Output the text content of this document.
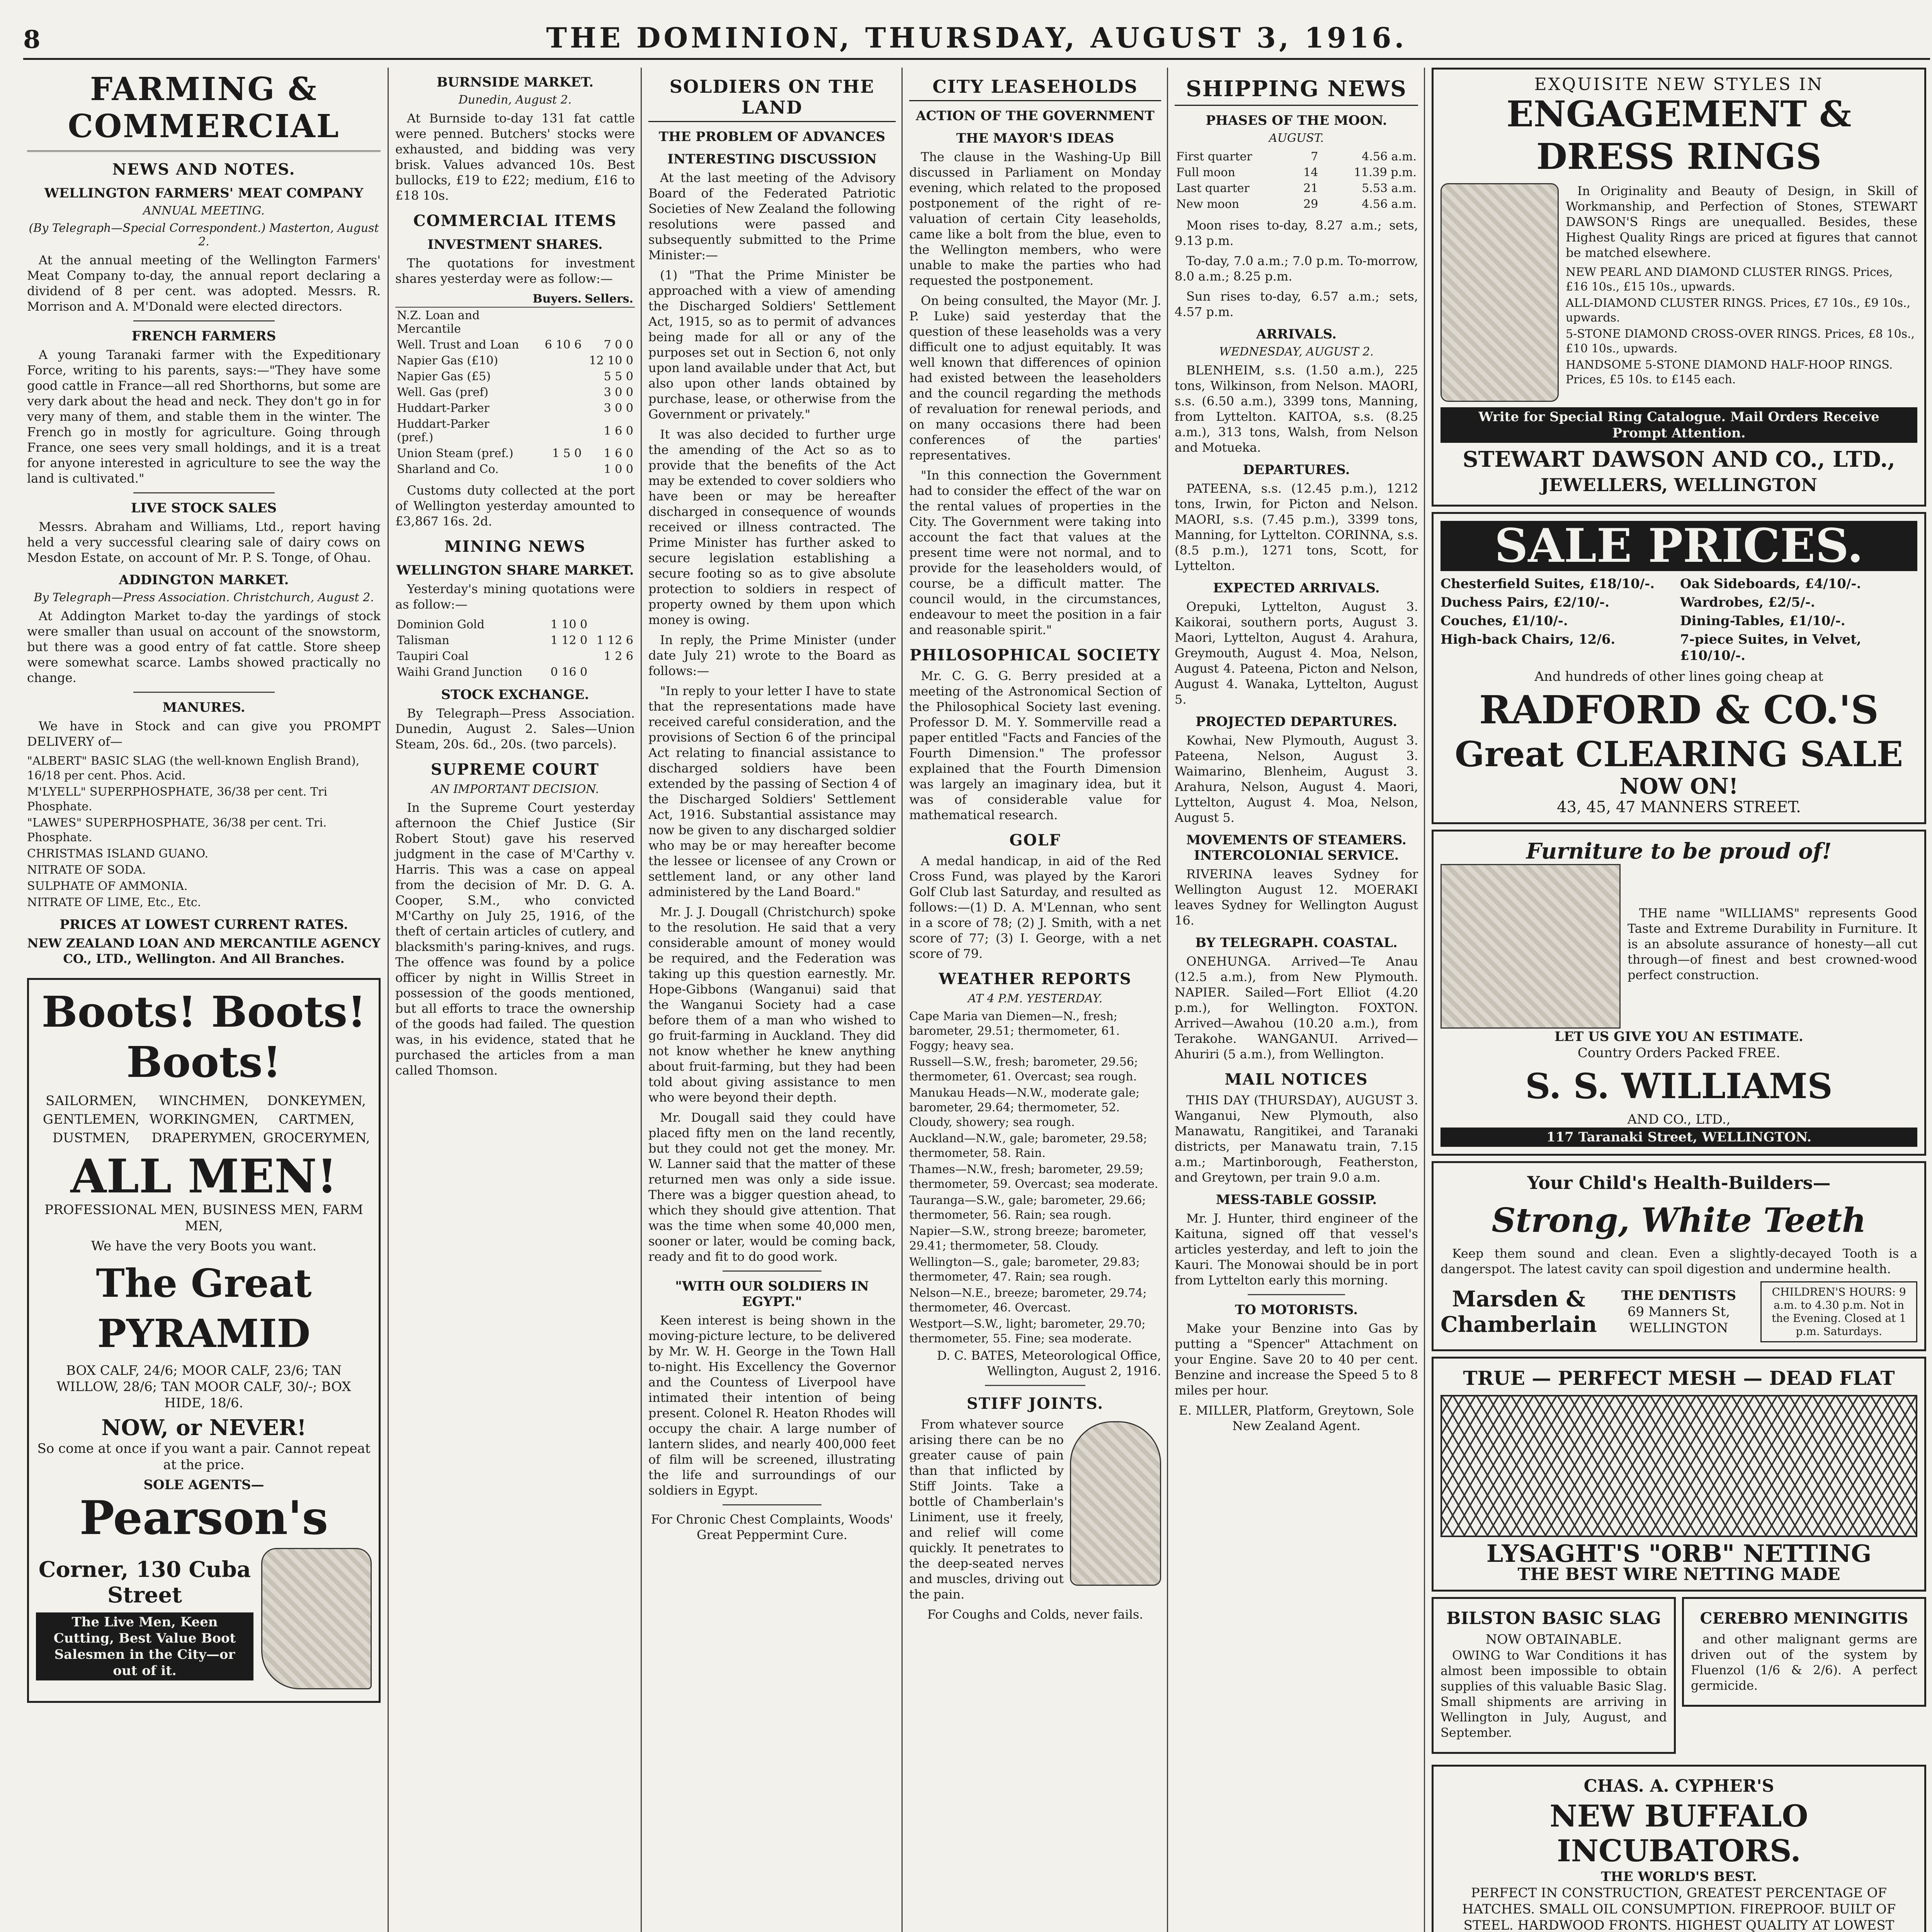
8	THE DOMINION, THURSDAY, AUGUST 3, 1916.
FARMING & COMMERCIAL
NEWS AND NOTES.
WELLINGTON FARMERS' MEAT COMPANY
ANNUAL MEETING.
(By Telegraph—Special Correspondent.) Masterton, August 2.

At the annual meeting of the Wellington Farmers' Meat Company to-day, the annual report declaring a dividend of 8 per cent. was adopted. Messrs. R. Morrison and A. M'Donald were elected directors.

FRENCH FARMERS

A young Taranaki farmer with the Expeditionary Force, writing to his parents, says:—"They have some good cattle in France—all red Shorthorns, but some are very dark about the head and neck. They don't go in for very many of them, and stable them in the winter. The French go in mostly for agriculture. Going through France, one sees very small holdings, and it is a treat for anyone interested in agriculture to see the way the land is cultivated."

LIVE STOCK SALES

Messrs. Abraham and Williams, Ltd., report having held a very successful clearing sale of dairy cows on Mesdon Estate, on account of Mr. P. S. Tonge, of Ohau.

ADDINGTON MARKET.
By Telegraph—Press Association. Christchurch, August 2.

At Addington Market to-day the yardings of stock were smaller than usual on account of the snowstorm, but there was a good entry of fat cattle. Store sheep were somewhat scarce. Lambs showed practically no change.

MANURES.

We have in Stock and can give you PROMPT DELIVERY of—

"ALBERT" BASIC SLAG (the well-known English Brand), 16/18 per cent. Phos. Acid.
M'LYELL" SUPERPHOSPHATE, 36/38 per cent. Tri Phosphate.
"LAWES" SUPERPHOSPHATE, 36/38 per cent. Tri. Phosphate.
CHRISTMAS ISLAND GUANO.
NITRATE OF SODA.
SULPHATE OF AMMONIA.
NITRATE OF LIME, Etc., Etc.
PRICES AT LOWEST CURRENT RATES.

NEW ZEALAND LOAN AND MERCANTILE AGENCY CO., LTD., Wellington. And All Branches.

Boots! Boots! Boots!
SAILORMEN,	WINCHMEN,	DONKEYMEN,
GENTLEMEN, WORKINGMEN,	CARTMEN,
DUSTMEN,	DRAPERYMEN, GROCERYMEN,
ALL MEN!
PROFESSIONAL MEN, BUSINESS MEN, FARM MEN,
We have the very Boots you want.
The Great PYRAMID
BOX CALF, 24/6; MOOR CALF, 23/6; TAN WILLOW, 28/6; TAN MOOR CALF, 30/-; BOX HIDE, 18/6.
NOW, or NEVER!
So come at once if you want a pair. Cannot repeat at the price.
SOLE AGENTS—
Pearson's
Corner, 130 Cuba Street
The Live Men, Keen Cutting, Best Value Boot Salesmen in the City—or out of it.
BURNSIDE MARKET.
Dunedin, August 2.

At Burnside to-day 131 fat cattle were penned. Butchers' stocks were exhausted, and bidding was very brisk. Values advanced 10s. Best bullocks, £19 to £22; medium, £16 to £18 10s.

COMMERCIAL ITEMS
INVESTMENT SHARES.

The quotations for investment shares yesterday were as follow:—

	Buyers.	Sellers.
N.Z. Loan and Mercantile		
Well. Trust and Loan	6 10 6	7 0 0
Napier Gas (£10)		12 10 0
Napier Gas (£5)		5 5 0
Well. Gas (pref)		3 0 0
Huddart-Parker		3 0 0
Huddart-Parker (pref.)		1 6 0
Union Steam (pref.)	1 5 0	1 6 0
Sharland and Co.		1 0 0

Customs duty collected at the port of Wellington yesterday amounted to £3,867 16s. 2d.

MINING NEWS
WELLINGTON SHARE MARKET.

Yesterday's mining quotations were as follow:—

Dominion Gold	1 10 0	
Talisman	1 12 0	1 12 6
Taupiri Coal		1 2 6
Waihi Grand Junction	0 16 0	
STOCK EXCHANGE.

By Telegraph—Press Association. Dunedin, August 2. Sales—Union Steam, 20s. 6d., 20s. (two parcels).

SUPREME COURT
AN IMPORTANT DECISION.

In the Supreme Court yesterday afternoon the Chief Justice (Sir Robert Stout) gave his reserved judgment in the case of M'Carthy v. Harris. This was a case on appeal from the decision of Mr. D. G. A. Cooper, S.M., who convicted M'Carthy on July 25, 1916, of the theft of certain articles of cutlery, and blacksmith's paring-knives, and rugs. The offence was found by a police officer by night in Willis Street in possession of the goods mentioned, but all efforts to trace the ownership of the goods had failed. The question was, in his evidence, stated that he purchased the articles from a man called Thomson.

SOLDIERS ON THE LAND
THE PROBLEM OF ADVANCES
INTERESTING DISCUSSION

At the last meeting of the Advisory Board of the Federated Patriotic Societies of New Zealand the following resolutions were passed and subsequently submitted to the Prime Minister:—

(1) "That the Prime Minister be approached with a view of amending the Discharged Soldiers' Settlement Act, 1915, so as to permit of advances being made for all or any of the purposes set out in Section 6, not only upon land available under that Act, but also upon other lands obtained by purchase, lease, or otherwise from the Government or privately."

It was also decided to further urge the amending of the Act so as to provide that the benefits of the Act may be extended to cover soldiers who have been or may be hereafter discharged in consequence of wounds received or illness contracted. The Prime Minister has further asked to secure legislation establishing a secure footing so as to give absolute protection to soldiers in respect of property owned by them upon which money is owing.

In reply, the Prime Minister (under date July 21) wrote to the Board as follows:—

"In reply to your letter I have to state that the representations made have received careful consideration, and the provisions of Section 6 of the principal Act relating to financial assistance to discharged soldiers have been extended by the passing of Section 4 of the Discharged Soldiers' Settlement Act, 1916. Substantial assistance may now be given to any discharged soldier who may be or may hereafter become the lessee or licensee of any Crown or settlement land, or any other land administered by the Land Board."

Mr. J. J. Dougall (Christchurch) spoke to the resolution. He said that a very considerable amount of money would be required, and the Federation was taking up this question earnestly. Mr. Hope-Gibbons (Wanganui) said that the Wanganui Society had a case before them of a man who wished to go fruit-farming in Auckland. They did not know whether he knew anything about fruit-farming, but they had been told about giving assistance to men who were beyond their depth.

Mr. Dougall said they could have placed fifty men on the land recently, but they could not get the money. Mr. W. Lanner said that the matter of these returned men was only a side issue. There was a bigger question ahead, to which they should give attention. That was the time when some 40,000 men, sooner or later, would be coming back, ready and fit to do good work.

"WITH OUR SOLDIERS IN EGYPT."

Keen interest is being shown in the moving-picture lecture, to be delivered by Mr. W. H. George in the Town Hall to-night. His Excellency the Governor and the Countess of Liverpool have intimated their intention of being present. Colonel R. Heaton Rhodes will occupy the chair. A large number of lantern slides, and nearly 400,000 feet of film will be screened, illustrating the life and surroundings of our soldiers in Egypt.

For Chronic Chest Complaints, Woods' Great Peppermint Cure.

CITY LEASEHOLDS
ACTION OF THE GOVERNMENT
THE MAYOR'S IDEAS

The clause in the Washing-Up Bill discussed in Parliament on Monday evening, which related to the proposed postponement of the right of re-valuation of certain City leaseholds, came like a bolt from the blue, even to the Wellington members, who were unable to make the parties who had requested the postponement.

On being consulted, the Mayor (Mr. J. P. Luke) said yesterday that the question of these leaseholds was a very difficult one to adjust equitably. It was well known that differences of opinion had existed between the leaseholders and the council regarding the methods of revaluation for renewal periods, and on many occasions there had been conferences of the parties' representatives.

"In this connection the Government had to consider the effect of the war on the rental values of properties in the City. The Government were taking into account the fact that values at the present time were not normal, and to provide for the leaseholders would, of course, be a difficult matter. The council would, in the circumstances, endeavour to meet the position in a fair and reasonable spirit."

PHILOSOPHICAL SOCIETY

Mr. C. G. G. Berry presided at a meeting of the Astronomical Section of the Philosophical Society last evening. Professor D. M. Y. Sommerville read a paper entitled "Facts and Fancies of the Fourth Dimension." The professor explained that the Fourth Dimension was largely an imaginary idea, but it was of considerable value for mathematical research.

GOLF

A medal handicap, in aid of the Red Cross Fund, was played by the Karori Golf Club last Saturday, and resulted as follows:—(1) D. A. M'Lennan, who sent in a score of 78; (2) J. Smith, with a net score of 77; (3) I. George, with a net score of 79.

WEATHER REPORTS
AT 4 P.M. YESTERDAY.
Cape Maria van Diemen—N., fresh; barometer, 29.51; thermometer, 61. Foggy; heavy sea.
Russell—S.W., fresh; barometer, 29.56; thermometer, 61. Overcast; sea rough.
Manukau Heads—N.W., moderate gale; barometer, 29.64; thermometer, 52. Cloudy, showery; sea rough.
Auckland—N.W., gale; barometer, 29.58; thermometer, 58. Rain.
Thames—N.W., fresh; barometer, 29.59; thermometer, 59. Overcast; sea moderate.
Tauranga—S.W., gale; barometer, 29.66; thermometer, 56. Rain; sea rough.
Napier—S.W., strong breeze; barometer, 29.41; thermometer, 58. Cloudy.
Wellington—S., gale; barometer, 29.83; thermometer, 47. Rain; sea rough.
Nelson—N.E., breeze; barometer, 29.74; thermometer, 46. Overcast.
Westport—S.W., light; barometer, 29.70; thermometer, 55. Fine; sea moderate.

D. C. BATES, Meteorological Office, Wellington, August 2, 1916.

STIFF JOINTS.

From whatever source arising there can be no greater cause of pain than that inflicted by Stiff Joints. Take a bottle of Chamberlain's Liniment, use it freely, and relief will come quickly. It penetrates to the deep-seated nerves and muscles, driving out the pain.

For Coughs and Colds, never fails.

SHIPPING NEWS
PHASES OF THE MOON.
AUGUST.
First quarter	7	4.56 a.m.
Full moon	14	11.39 p.m.
Last quarter	21	5.53 a.m.
New moon	29	4.56 a.m.

Moon rises to-day, 8.27 a.m.; sets, 9.13 p.m.

To-day, 7.0 a.m.; 7.0 p.m. To-morrow, 8.0 a.m.; 8.25 p.m.

Sun rises to-day, 6.57 a.m.; sets, 4.57 p.m.

ARRIVALS.
WEDNESDAY, AUGUST 2.

BLENHEIM, s.s. (1.50 a.m.), 225 tons, Wilkinson, from Nelson. MAORI, s.s. (6.50 a.m.), 3399 tons, Manning, from Lyttelton. KAITOA, s.s. (8.25 a.m.), 313 tons, Walsh, from Nelson and Motueka.

DEPARTURES.

PATEENA, s.s. (12.45 p.m.), 1212 tons, Irwin, for Picton and Nelson. MAORI, s.s. (7.45 p.m.), 3399 tons, Manning, for Lyttelton. CORINNA, s.s. (8.5 p.m.), 1271 tons, Scott, for Lyttelton.

EXPECTED ARRIVALS.

Orepuki, Lyttelton, August 3. Kaikorai, southern ports, August 3. Maori, Lyttelton, August 4. Arahura, Greymouth, August 4. Moa, Nelson, August 4. Pateena, Picton and Nelson, August 4. Wanaka, Lyttelton, August 5.

PROJECTED DEPARTURES.

Kowhai, New Plymouth, August 3. Pateena, Nelson, August 3. Waimarino, Blenheim, August 3. Arahura, Nelson, August 4. Maori, Lyttelton, August 4. Moa, Nelson, August 5.

MOVEMENTS OF STEAMERS. INTERCOLONIAL SERVICE.

RIVERINA leaves Sydney for Wellington August 12. MOERAKI leaves Sydney for Wellington August 16.

BY TELEGRAPH. COASTAL.

ONEHUNGA. Arrived—Te Anau (12.5 a.m.), from New Plymouth. NAPIER. Sailed—Fort Elliot (4.20 p.m.), for Wellington. FOXTON. Arrived—Awahou (10.20 a.m.), from Terakohe. WANGANUI. Arrived—Ahuriri (5 a.m.), from Wellington.

MAIL NOTICES

THIS DAY (THURSDAY), AUGUST 3. Wanganui, New Plymouth, also Manawatu, Rangitikei, and Taranaki districts, per Manawatu train, 7.15 a.m.; Martinborough, Featherston, and Greytown, per train 9.0 a.m.

MESS-TABLE GOSSIP.

Mr. J. Hunter, third engineer of the Kaituna, signed off that vessel's articles yesterday, and left to join the Kauri. The Monowai should be in port from Lyttelton early this morning.

TO MOTORISTS.

Make your Benzine into Gas by putting a "Spencer" Attachment on your Engine. Save 20 to 40 per cent. Benzine and increase the Speed 5 to 8 miles per hour.

E. MILLER, Platform, Greytown, Sole New Zealand Agent.

EXQUISITE NEW STYLES IN
ENGAGEMENT & DRESS RINGS

In Originality and Beauty of Design, in Skill of Workmanship, and Perfection of Stones, STEWART DAWSON'S Rings are unequalled. Besides, these Highest Quality Rings are priced at figures that cannot be matched elsewhere.

NEW PEARL AND DIAMOND CLUSTER RINGS. Prices, £16 10s., £15 10s., upwards.
ALL-DIAMOND CLUSTER RINGS. Prices, £7 10s., £9 10s., upwards.
5-STONE DIAMOND CROSS-OVER RINGS. Prices, £8 10s., £10 10s., upwards.
HANDSOME 5-STONE DIAMOND HALF-HOOP RINGS. Prices, £5 10s. to £145 each.
Write for Special Ring Catalogue. Mail Orders Receive Prompt Attention.
STEWART DAWSON AND CO., LTD.,
JEWELLERS, WELLINGTON
SALE PRICES.
Chesterfield Suites, £18/10/-.	Oak Sideboards, £4/10/-.
Duchess Pairs, £2/10/-.	Wardrobes, £2/5/-.
Couches, £1/10/-.	Dining-Tables, £1/10/-.
High-back Chairs, 12/6.	7-piece Suites, in Velvet, £10/10/-.
And hundreds of other lines going cheap at
RADFORD & CO.'S
Great CLEARING SALE
NOW ON!
43, 45, 47 MANNERS STREET.
Furniture to be proud of!

THE name "WILLIAMS" represents Good Taste and Extreme Durability in Furniture. It is an absolute assurance of honesty—all cut through—of finest and best crowned-wood perfect construction.

LET US GIVE YOU AN ESTIMATE.
Country Orders Packed FREE.
S. S. WILLIAMS
AND CO., LTD.,
117 Taranaki Street, WELLINGTON.
Your Child's Health-Builders—
Strong, White Teeth

Keep them sound and clean. Even a slightly-decayed Tooth is a dangerspot. The latest cavity can spoil digestion and undermine health.

Marsden & Chamberlain
THE DENTISTS
69 Manners St, WELLINGTON
CHILDREN'S HOURS: 9 a.m. to 4.30 p.m. Not in the Evening. Closed at 1 p.m. Saturdays.
TRUE — PERFECT MESH — DEAD FLAT
LYSAGHT'S "ORB" NETTING
THE BEST WIRE NETTING MADE
BILSTON BASIC SLAG
NOW OBTAINABLE.

OWING to War Conditions it has almost been impossible to obtain supplies of this valuable Basic Slag. Small shipments are arriving in Wellington in July, August, and September.

CEREBRO MENINGITIS

and other malignant germs are driven out of the system by Fluenzol (1/6 & 2/6). A perfect germicide.

CHAS. A. CYPHER'S
NEW BUFFALO INCUBATORS.
THE WORLD'S BEST.
PERFECT IN CONSTRUCTION, GREATEST PERCENTAGE OF HATCHES. SMALL OIL CONSUMPTION. FIREPROOF. BUILT OF STEEL. HARDWOOD FRONTS. HIGHEST QUALITY AT LOWEST
